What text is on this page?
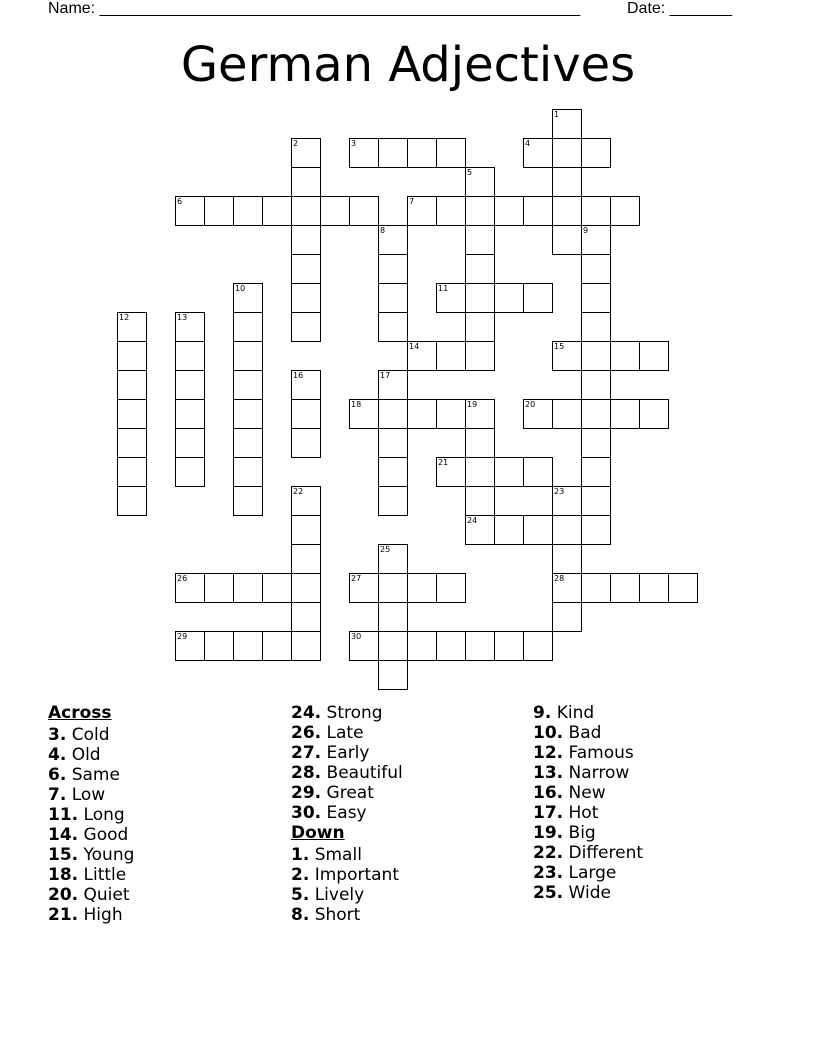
Name: ______________________________________________________	Date: _______
German Adjectives
3	4
6	7
11
14	15
18	19	20
21
24
26	27	28
29	30
1
2
5
8	9
10
12	13
16	17
22	23
25
Across
3. Cold
4. Old
6. Same
7. Low
11. Long
14. Good
15. Young
18. Little
20. Quiet
21. High
24. Strong
26. Late
27. Early
28. Beautiful
29. Great
30. Easy
Down
1. Small
2. Important
5. Lively
8. Short
9. Kind
10. Bad
12. Famous
13. Narrow
16. New
17. Hot
19. Big
22. Different
23. Large
25. Wide
